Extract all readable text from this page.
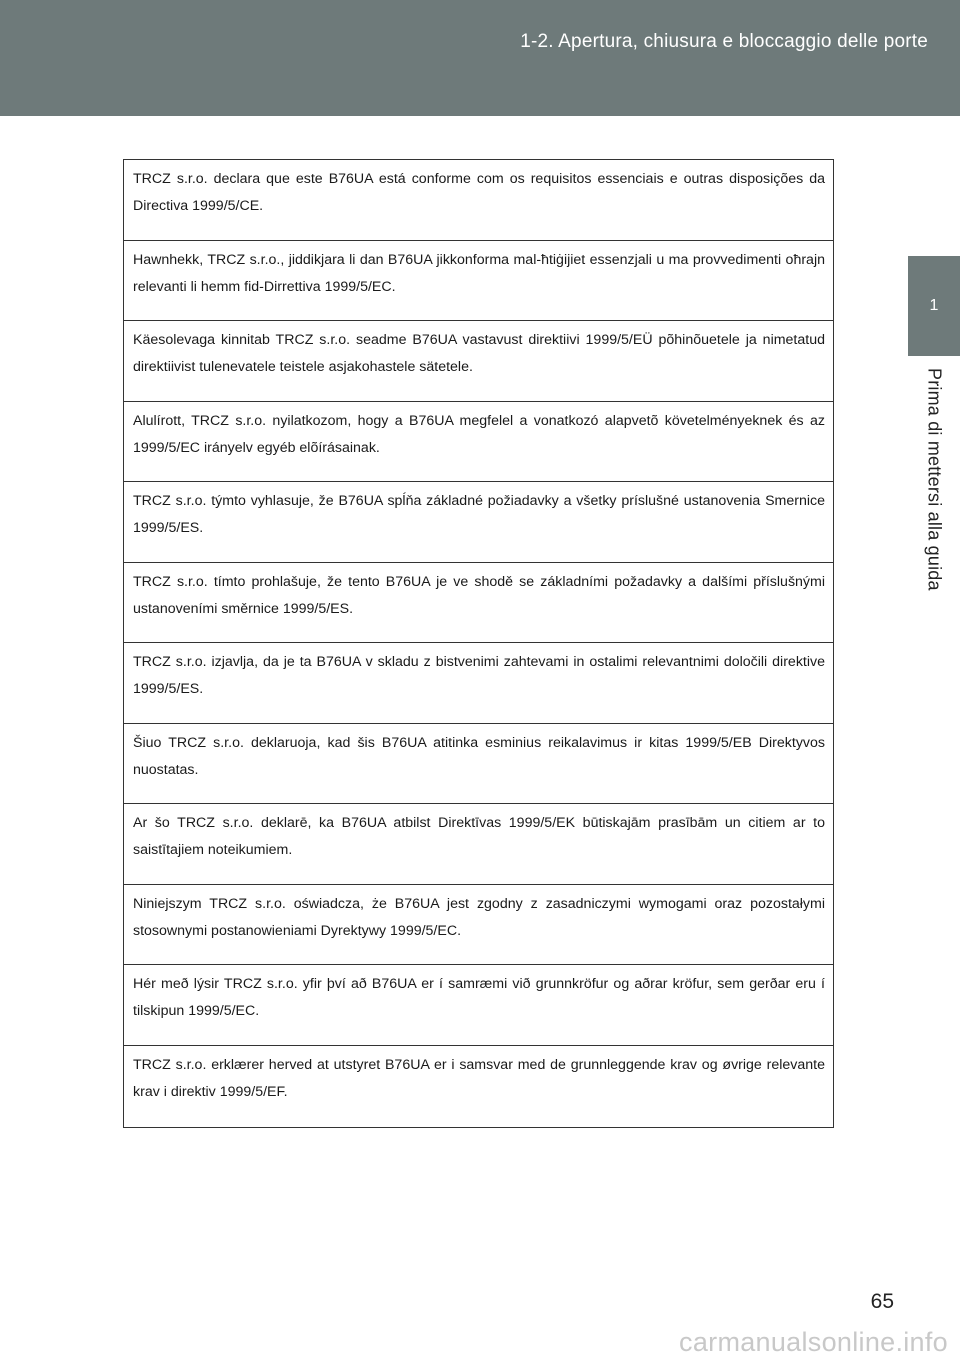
1-2. Apertura, chiusura e bloccaggio delle porte
1
Prima di mettersi alla guida

TRCZ s.r.o. declara que este B76UA está conforme com os requisitos essenciais e outras disposições da Directiva 1999/5/CE.

Hawnhekk, TRCZ s.r.o., jiddikjara li dan B76UA jikkonforma mal-ħtiġijiet essenzjali u ma provvedimenti oħrajn relevanti li hemm fid-Dirrettiva 1999/5/EC.

Käesolevaga kinnitab TRCZ s.r.o. seadme B76UA vastavust direktiivi 1999/5/EÜ põhinõuetele ja nimetatud direktiivist tulenevatele teistele asjakohastele sätetele.

Alulírott, TRCZ s.r.o. nyilatkozom, hogy a B76UA megfelel a vonatkozó alapvetõ követelményeknek és az 1999/5/EC irányelv egyéb elõírásainak.

TRCZ s.r.o. týmto vyhlasuje, že B76UA spĺňa základné požiadavky a všetky príslušné ustanovenia Smernice 1999/5/ES.

TRCZ s.r.o. tímto prohlašuje, že tento B76UA je ve shodě se základními požadavky a dalšími příslušnými ustanoveními směrnice 1999/5/ES.

TRCZ s.r.o. izjavlja, da je ta B76UA v skladu z bistvenimi zahtevami in ostalimi relevantnimi določili direktive 1999/5/ES.

Šiuo TRCZ s.r.o. deklaruoja, kad šis B76UA atitinka esminius reikalavimus ir kitas 1999/5/EB Direktyvos nuostatas.

Ar šo TRCZ s.r.o. deklarē, ka B76UA atbilst Direktīvas 1999/5/EK būtiskajām prasībām un citiem ar to saistītajiem noteikumiem.

Niniejszym TRCZ s.r.o. oświadcza, że B76UA jest zgodny z zasadniczymi wymogami oraz pozostałymi stosownymi postanowieniami Dyrektywy 1999/5/EC.

Hér með lýsir TRCZ s.r.o. yfir því að B76UA er í samræmi við grunnkröfur og aðrar kröfur, sem gerðar eru í tilskipun 1999/5/EC.

TRCZ s.r.o. erklærer herved at utstyret B76UA er i samsvar med de grunnleggende krav og øvrige relevante krav i direktiv 1999/5/EF.

65
carmanualsonline.info
